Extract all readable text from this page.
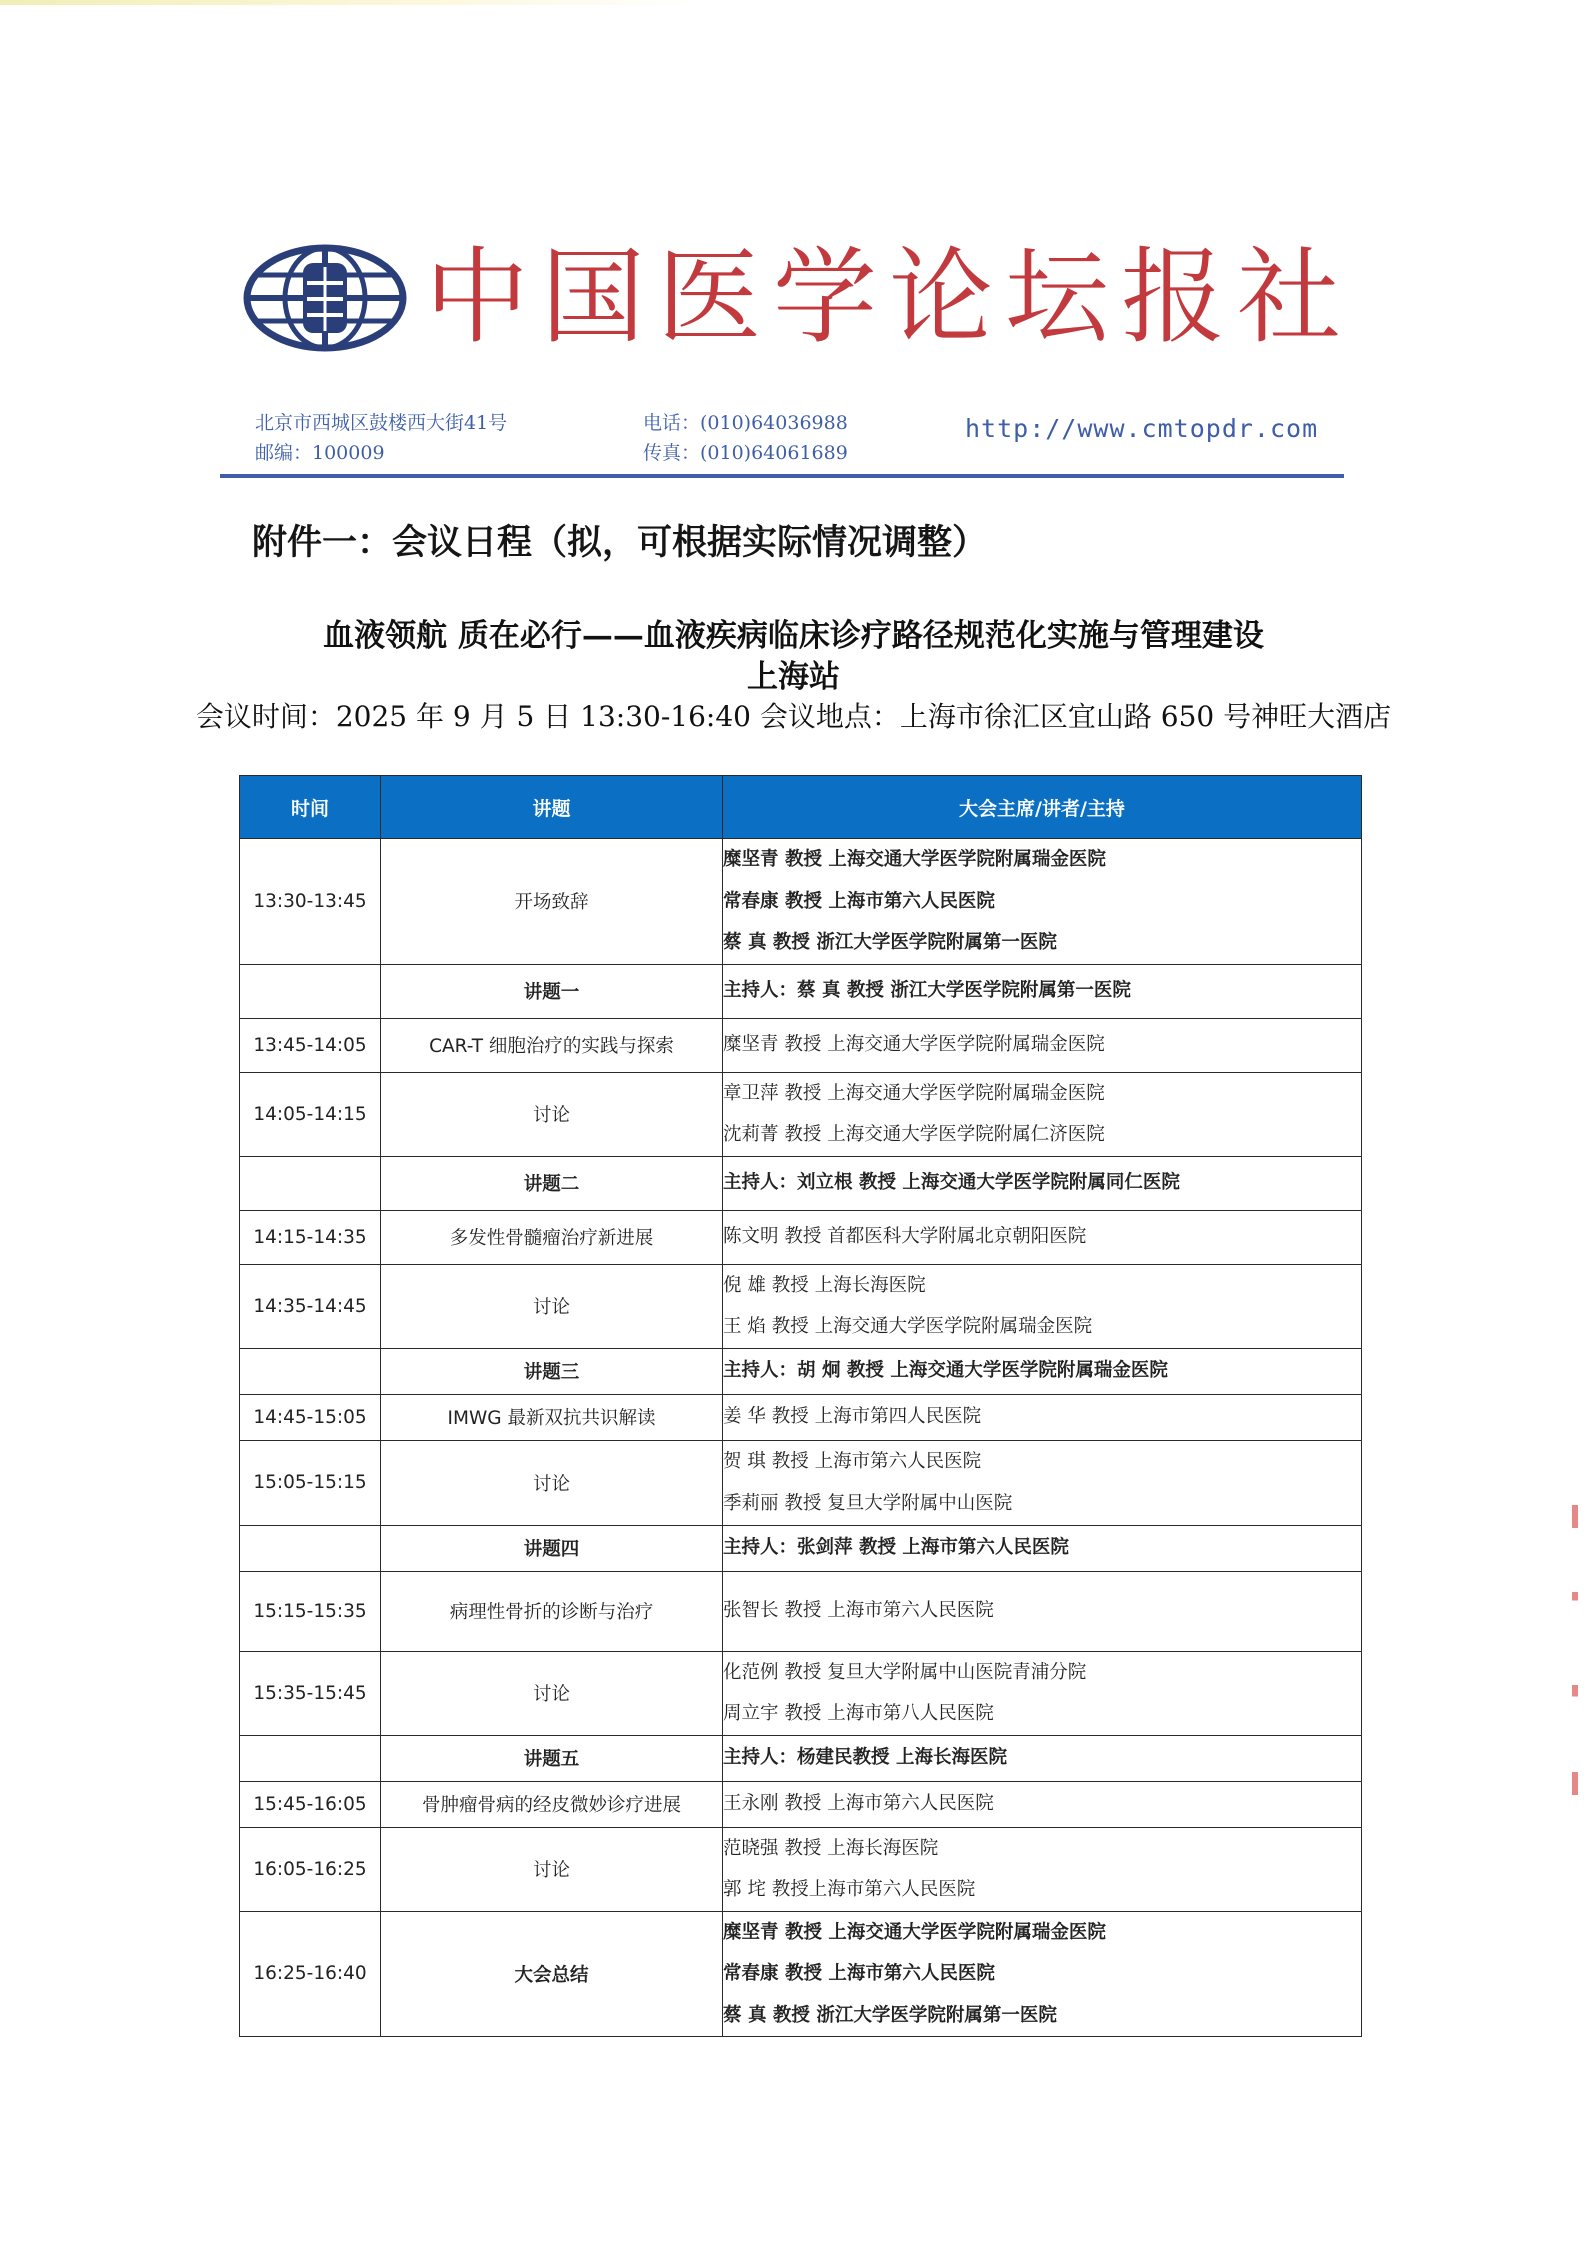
中国医学论坛报社
北京市西城区鼓楼西大街41号
邮编：100009
电话：(010)64036988
传真：(010)64061689
http://www.cmtopdr.com
附件一：会议日程（拟，可根据实际情况调整）
血液领航 质在必行——血液疾病临床诊疗路径规范化实施与管理建设
上海站
会议时间：2025 年 9 月 5 日 13:30-16:40 会议地点：上海市徐汇区宜山路 650 号神旺大酒店
时间	讲题	大会主席/讲者/主持
13:30-13:45	开场致辞	糜坚青 教授 上海交通大学医学院附属瑞金医院
常春康 教授 上海市第六人民医院
蔡 真 教授 浙江大学医学院附属第一医院

	讲题一	主持人：蔡 真 教授 浙江大学医学院附属第一医院

13:45-14:05	CAR-T 细胞治疗的实践与探索	糜坚青 教授 上海交通大学医学院附属瑞金医院

14:05-14:15	讨论	章卫萍 教授 上海交通大学医学院附属瑞金医院
沈莉菁 教授 上海交通大学医学院附属仁济医院

	讲题二	主持人：刘立根 教授 上海交通大学医学院附属同仁医院

14:15-14:35	多发性骨髓瘤治疗新进展	陈文明 教授 首都医科大学附属北京朝阳医院

14:35-14:45	讨论	倪 雄 教授 上海长海医院
王 焰 教授 上海交通大学医学院附属瑞金医院

	讲题三	主持人：胡 炯 教授 上海交通大学医学院附属瑞金医院

14:45-15:05	IMWG 最新双抗共识解读	姜 华 教授 上海市第四人民医院

15:05-15:15	讨论	贺 琪 教授 上海市第六人民医院
季莉丽 教授 复旦大学附属中山医院

	讲题四	主持人：张剑萍 教授 上海市第六人民医院

15:15-15:35	病理性骨折的诊断与治疗	张智长 教授 上海市第六人民医院

15:35-15:45	讨论	化范例 教授 复旦大学附属中山医院青浦分院
周立宇 教授 上海市第八人民医院

	讲题五	主持人：杨建民教授 上海长海医院

15:45-16:05	骨肿瘤骨病的经皮微妙诊疗进展	王永刚 教授 上海市第六人民医院

16:05-16:25	讨论	范晓强 教授 上海长海医院
郭 垞 教授上海市第六人民医院

16:25-16:40	大会总结	糜坚青 教授 上海交通大学医学院附属瑞金医院
常春康 教授 上海市第六人民医院
蔡 真 教授 浙江大学医学院附属第一医院
